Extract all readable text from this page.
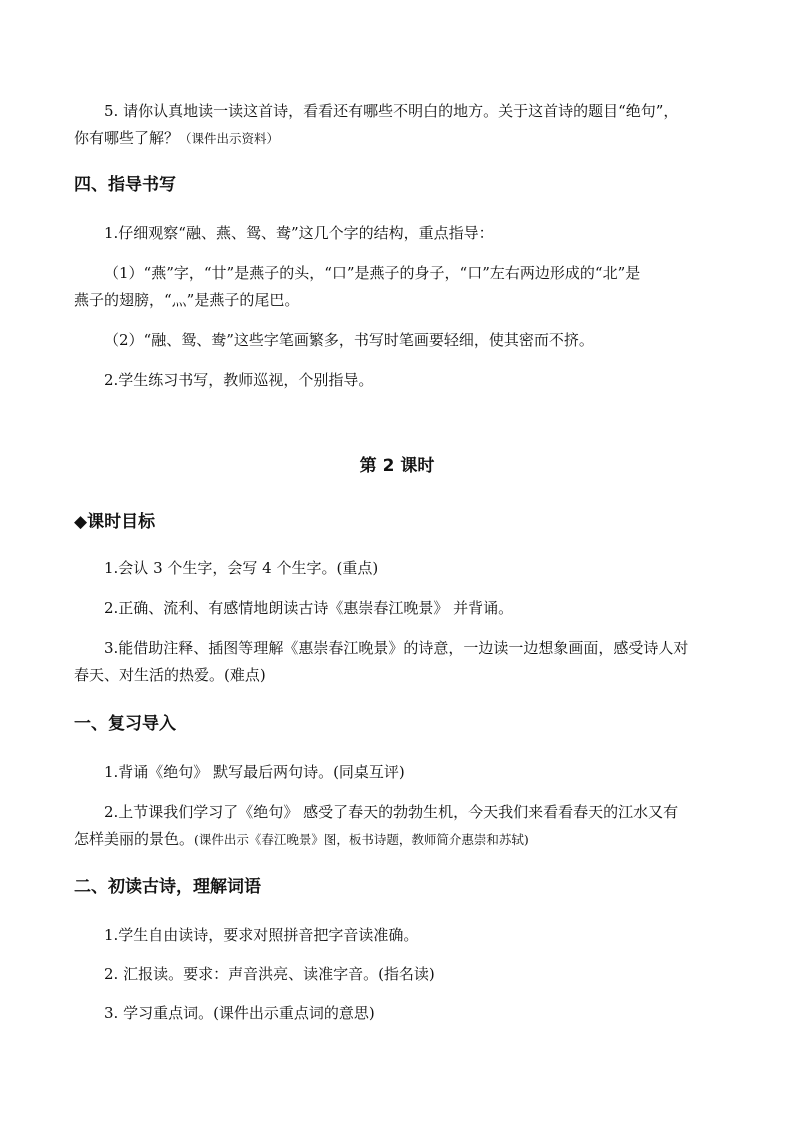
5. 请你认真地读一读这首诗，看看还有哪些不明白的地方。关于这首诗的题目“绝句”，
你有哪些了解？（课件出示资料）
四、指导书写
1.仔细观察“融、燕、鸳、鸯”这几个字的结构，重点指导：
（1）“燕”字，“廿”是燕子的头，“口”是燕子的身子，“口”左右两边形成的“北”是
燕子的翅膀，“灬”是燕子的尾巴。
（2）“融、鸳、鸯”这些字笔画繁多，书写时笔画要轻细，使其密而不挤。
2.学生练习书写，教师巡视，个别指导。
第 2 课时
◆课时目标
1.会认 3 个生字，会写 4 个生字。(重点)
2.正确、流利、有感情地朗读古诗《惠崇春江晚景》 并背诵。
3.能借助注释、插图等理解《惠崇春江晚景》的诗意，一边读一边想象画面，感受诗人对
春天、对生活的热爱。(难点)
一、复习导入
1.背诵《绝句》 默写最后两句诗。(同桌互评)
2.上节课我们学习了《绝句》 感受了春天的勃勃生机，今天我们来看看春天的江水又有
怎样美丽的景色。(课件出示《春江晚景》图，板书诗题，教师简介惠崇和苏轼)
二、初读古诗，理解词语
1.学生自由读诗，要求对照拼音把字音读准确。
2. 汇报读。要求：声音洪亮、读准字音。(指名读)
3. 学习重点词。(课件出示重点词的意思)
